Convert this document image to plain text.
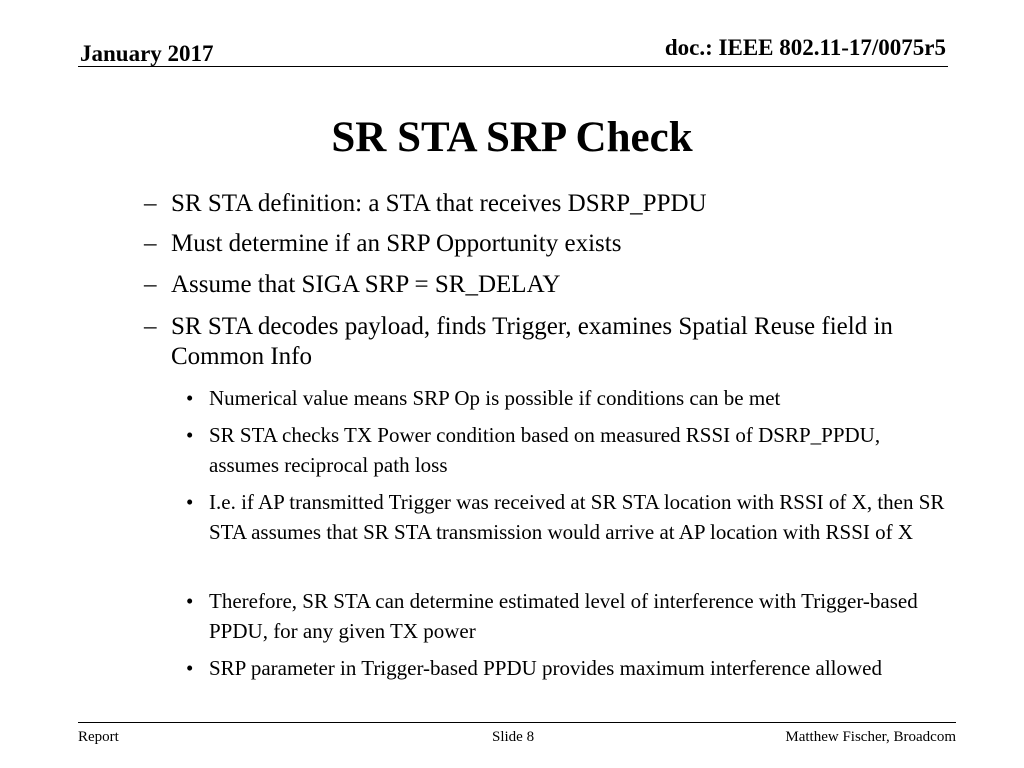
January 2017	doc.: IEEE 802.11-17/0075r5
SR STA SRP Check
– SR STA definition: a STA that receives DSRP_PPDU
– Must determine if an SRP Opportunity exists
– Assume that SIGA SRP = SR_DELAY
– SR STA decodes payload, finds Trigger, examines Spatial Reuse field in Common Info
• Numerical value means SRP Op is possible if conditions can be met
• SR STA checks TX Power condition based on measured RSSI of DSRP_PPDU, assumes reciprocal path loss
• I.e. if AP transmitted Trigger was received at SR STA location with RSSI of X, then SR STA assumes that SR STA transmission would arrive at AP location with RSSI of X
• Therefore, SR STA can determine estimated level of interference with Trigger-based PPDU, for any given TX power
• SRP parameter in Trigger-based PPDU provides maximum interference allowed
Report	Slide 8	Matthew Fischer, Broadcom
